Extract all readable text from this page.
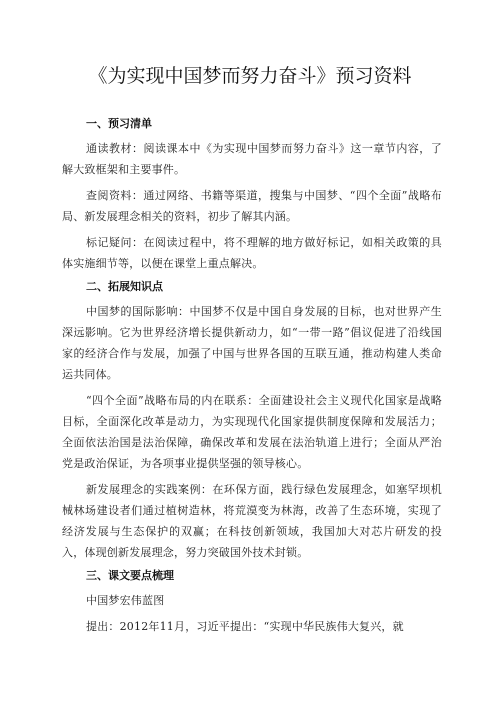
《为实现中国梦而努力奋斗》预习资料
一、预习清单

通读教材：阅读课本中《为实现中国梦而努力奋斗》这一章节内容，了解大致框架和主要事件。

查阅资料：通过网络、书籍等渠道，搜集与中国梦、“四个全面”战略布局、新发展理念相关的资料，初步了解其内涵。

标记疑问：在阅读过程中，将不理解的地方做好标记，如相关政策的具体实施细节等，以便在课堂上重点解决。

二、拓展知识点

中国梦的国际影响：中国梦不仅是中国自身发展的目标，也对世界产生深远影响。它为世界经济增长提供新动力，如“一带一路”倡议促进了沿线国家的经济合作与发展，加强了中国与世界各国的互联互通，推动构建人类命运共同体。

“四个全面”战略布局的内在联系：全面建设社会主义现代化国家是战略目标，全面深化改革是动力，为实现现代化国家提供制度保障和发展活力；全面依法治国是法治保障，确保改革和发展在法治轨道上进行；全面从严治党是政治保证，为各项事业提供坚强的领导核心。

新发展理念的实践案例：在环保方面，践行绿色发展理念，如塞罕坝机械林场建设者们通过植树造林，将荒漠变为林海，改善了生态环境，实现了经济发展与生态保护的双赢；在科技创新领域，我国加大对芯片研发的投入，体现创新发展理念，努力突破国外技术封锁。

三、课文要点梳理

中国梦宏伟蓝图

提出：2012年11月，习近平提出：“实现中华民族伟大复兴，就
